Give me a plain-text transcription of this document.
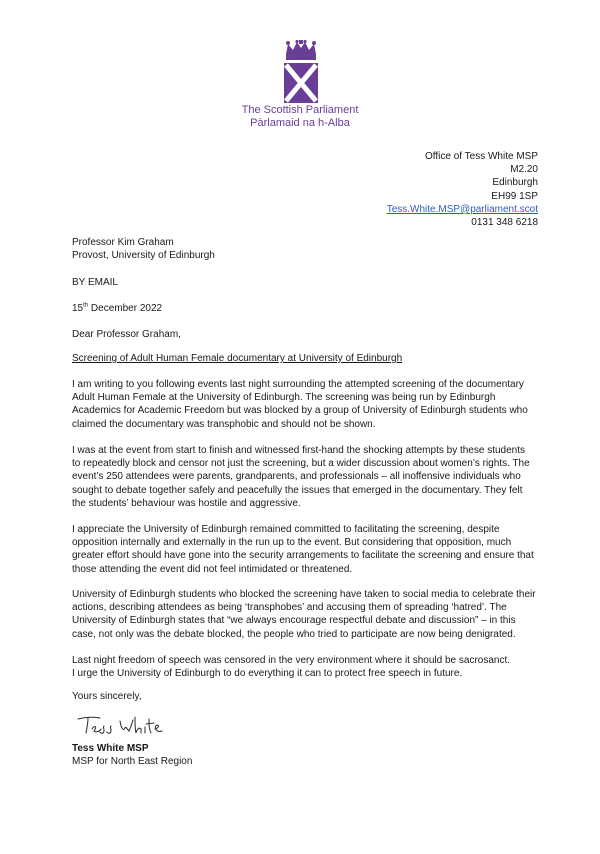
The Scottish Parliament
Pàrlamaid na h-Alba
Office of Tess White MSP
M2.20
Edinburgh
EH99 1SP
Tess.White.MSP@parliament.scot
0131 348 6218
Professor Kim Graham
Provost, University of Edinburgh
BY EMAIL
15th December 2022
Dear Professor Graham,
Screening of Adult Human Female documentary at University of Edinburgh
I am writing to you following events last night surrounding the attempted screening of the documentary
Adult Human Female at the University of Edinburgh. The screening was being run by Edinburgh
Academics for Academic Freedom but was blocked by a group of University of Edinburgh students who
claimed the documentary was transphobic and should not be shown.
I was at the event from start to finish and witnessed first-hand the shocking attempts by these students
to repeatedly block and censor not just the screening, but a wider discussion about women’s rights. The
event’s 250 attendees were parents, grandparents, and professionals – all inoffensive individuals who
sought to debate together safely and peacefully the issues that emerged in the documentary. They felt
the students’ behaviour was hostile and aggressive.
I appreciate the University of Edinburgh remained committed to facilitating the screening, despite
opposition internally and externally in the run up to the event. But considering that opposition, much
greater effort should have gone into the security arrangements to facilitate the screening and ensure that
those attending the event did not feel intimidated or threatened.
University of Edinburgh students who blocked the screening have taken to social media to celebrate their
actions, describing attendees as being ‘transphobes’ and accusing them of spreading ‘hatred’. The
University of Edinburgh states that “we always encourage respectful debate and discussion” – in this
case, not only was the debate blocked, the people who tried to participate are now being denigrated.
Last night freedom of speech was censored in the very environment where it should be sacrosanct.
I urge the University of Edinburgh to do everything it can to protect free speech in future.
Yours sincerely,
Tess White MSP
MSP for North East Region
